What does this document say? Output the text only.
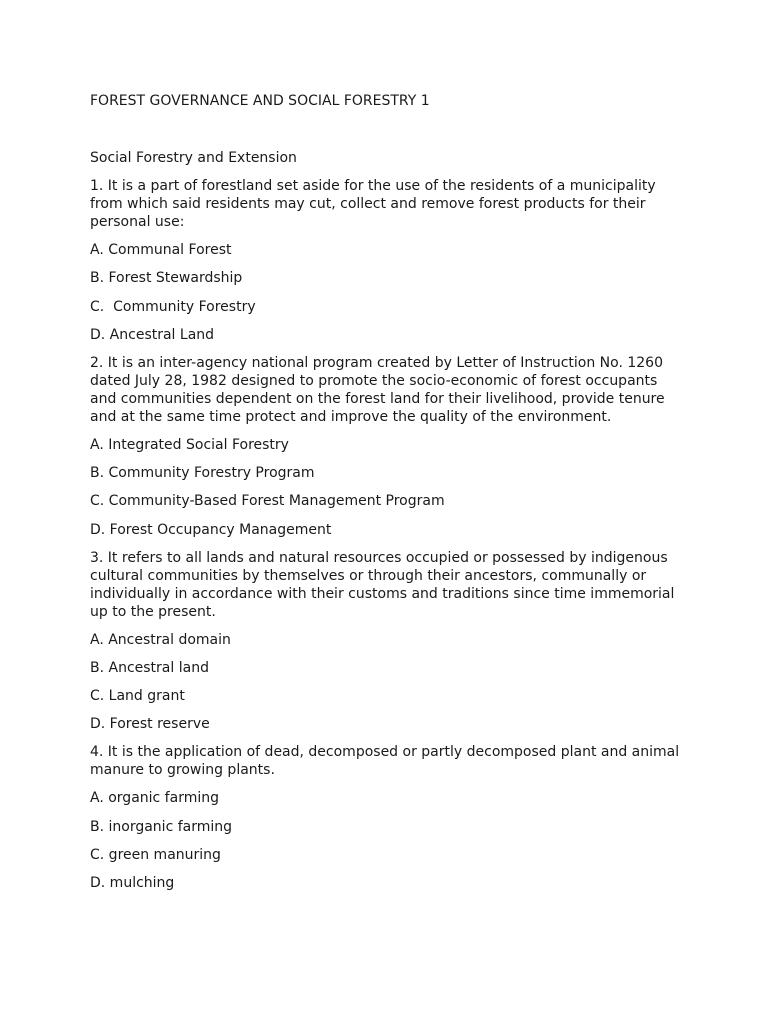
FOREST GOVERNANCE AND SOCIAL FORESTRY 1
Social Forestry and Extension

1. It is a part of forestland set aside for the use of the residents of a municipality from which said residents may cut, collect and remove forest products for their personal use:

A. Communal Forest

B. Forest Stewardship

C.  Community Forestry

D. Ancestral Land

2. It is an inter-agency national program created by Letter of Instruction No. 1260 dated July 28, 1982 designed to promote the socio-economic of forest occupants and communities dependent on the forest land for their livelihood, provide tenure and at the same time protect and improve the quality of the environment.

A. Integrated Social Forestry

B. Community Forestry Program

C. Community-Based Forest Management Program

D. Forest Occupancy Management

3. It refers to all lands and natural resources occupied or possessed by indigenous cultural communities by themselves or through their ancestors, communally or individually in accordance with their customs and traditions since time immemorial up to the present.

A. Ancestral domain

B. Ancestral land

C. Land grant

D. Forest reserve

4. It is the application of dead, decomposed or partly decomposed plant and animal manure to growing plants.

A. organic farming

B. inorganic farming

C. green manuring

D. mulching
